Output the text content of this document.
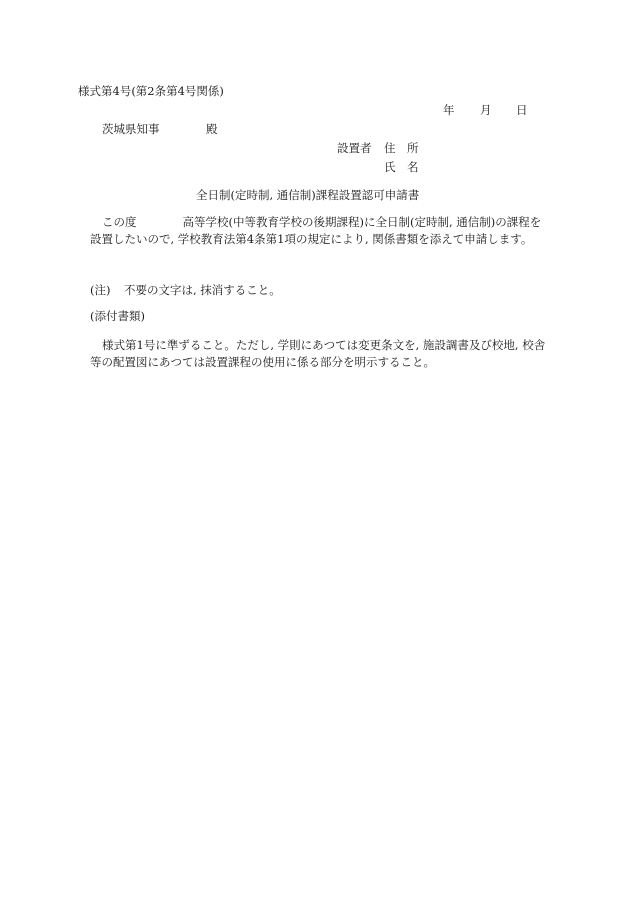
様式第4号(第2条第4号関係)
年 月 日
茨城県知事	殿
設置者 住　所
氏　名
全日制(定時制, 通信制)課程設置認可申請書
この度　　　　高等学校(中等教育学校の後期課程)に全日制(定時制, 通信制)の課程を設置したいので, 学校教育法第4条第1項の規定により, 関係書類を添えて申請します。
(注) 不要の文字は, 抹消すること。
(添付書類)
様式第1号に準ずること。ただし, 学則にあつては変更条文を, 施設調書及び校地, 校舎等の配置図にあつては設置課程の使用に係る部分を明示すること。
